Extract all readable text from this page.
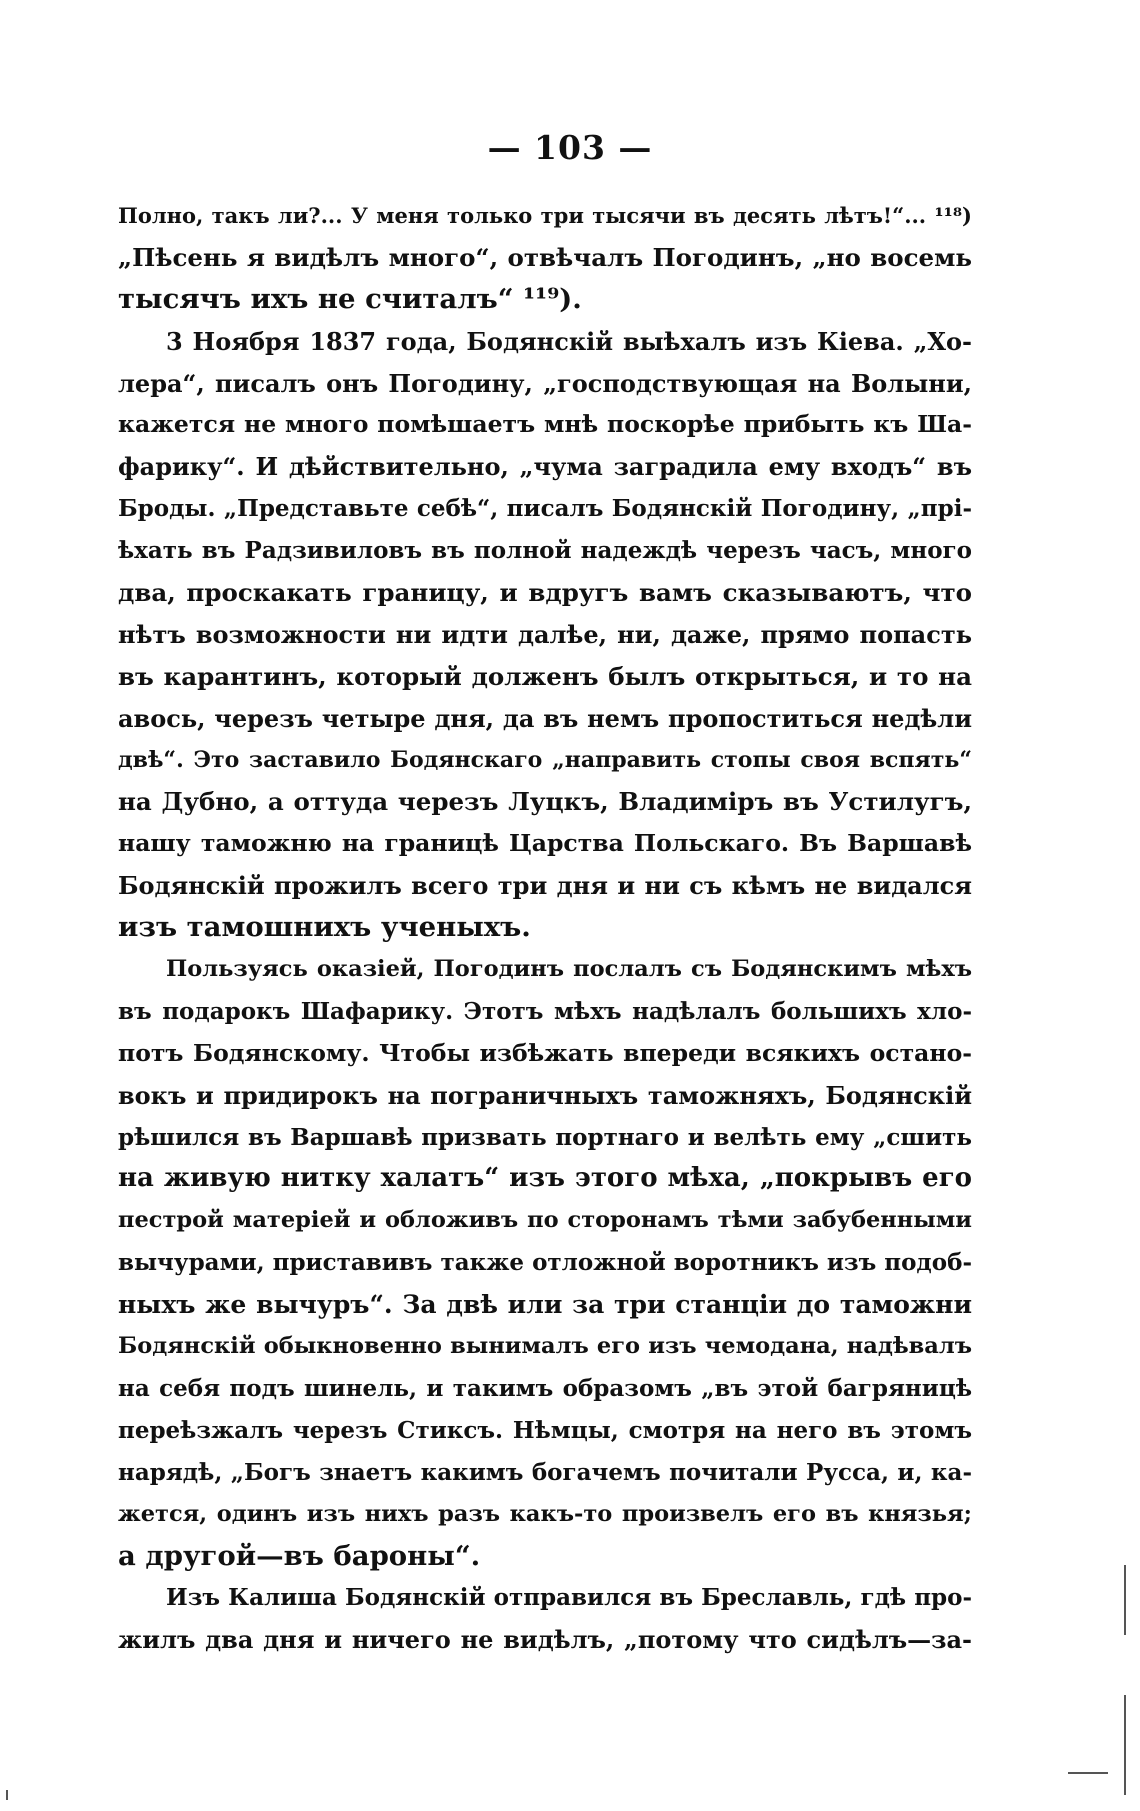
— 103 —
Полно, такъ ли?... У меня только три тысячи въ десять лѣтъ!“... ¹¹⁸)
„Пѣсень я видѣлъ много“, отвѣчалъ Погодинъ, „но восемь
тысячъ ихъ не считалъ“ ¹¹⁹).
3 Ноября 1837 года, Бодянскій выѣхалъ изъ Кіева. „Хо-
лера“, писалъ онъ Погодину, „господствующая на Волыни,
кажется не много помѣшаетъ мнѣ поскорѣе прибыть къ Ша-
фарику“. И дѣйствительно, „чума заградила ему входъ“ въ
Броды. „Представьте себѣ“, писалъ Бодянскій Погодину, „прі-
ѣхать въ Радзивиловъ въ полной надеждѣ черезъ часъ, много
два, проскакать границу, и вдругъ вамъ сказываютъ, что
нѣтъ возможности ни идти далѣе, ни, даже, прямо попасть
въ карантинъ, который долженъ былъ открыться, и то на
авось, черезъ четыре дня, да въ немъ пропоститься недѣли
двѣ“. Это заставило Бодянскаго „направить стопы своя вспять“
на Дубно, а оттуда черезъ Луцкъ, Владиміръ въ Устилугъ,
нашу таможню на границѣ Царства Польскаго. Въ Варшавѣ
Бодянскій прожилъ всего три дня и ни съ кѣмъ не видался
изъ тамошнихъ ученыхъ.
Пользуясь оказіей, Погодинъ послалъ съ Бодянскимъ мѣхъ
въ подарокъ Шафарику. Этотъ мѣхъ надѣлалъ большихъ хло-
потъ Бодянскому. Чтобы избѣжать впереди всякихъ остано-
вокъ и придирокъ на пограничныхъ таможняхъ, Бодянскій
рѣшился въ Варшавѣ призвать портнаго и велѣть ему „сшить
на живую нитку халатъ“ изъ этого мѣха, „покрывъ его
пестрой матеріей и обложивъ по сторонамъ тѣми забубенными
вычурами, приставивъ также отложной воротникъ изъ подоб-
ныхъ же вычуръ“. За двѣ или за три станціи до таможни
Бодянскій обыкновенно вынималъ его изъ чемодана, надѣвалъ
на себя подъ шинель, и такимъ образомъ „въ этой багряницѣ
переѣзжалъ черезъ Стиксъ. Нѣмцы, смотря на него въ этомъ
нарядѣ, „Богъ знаетъ какимъ богачемъ почитали Русса, и, ка-
жется, одинъ изъ нихъ разъ какъ-то произвелъ его въ князья;
а другой—въ бароны“.
Изъ Калиша Бодянскій отправился въ Бреславль, гдѣ про-
жилъ два дня и ничего не видѣлъ, „потому что сидѣлъ—за-
